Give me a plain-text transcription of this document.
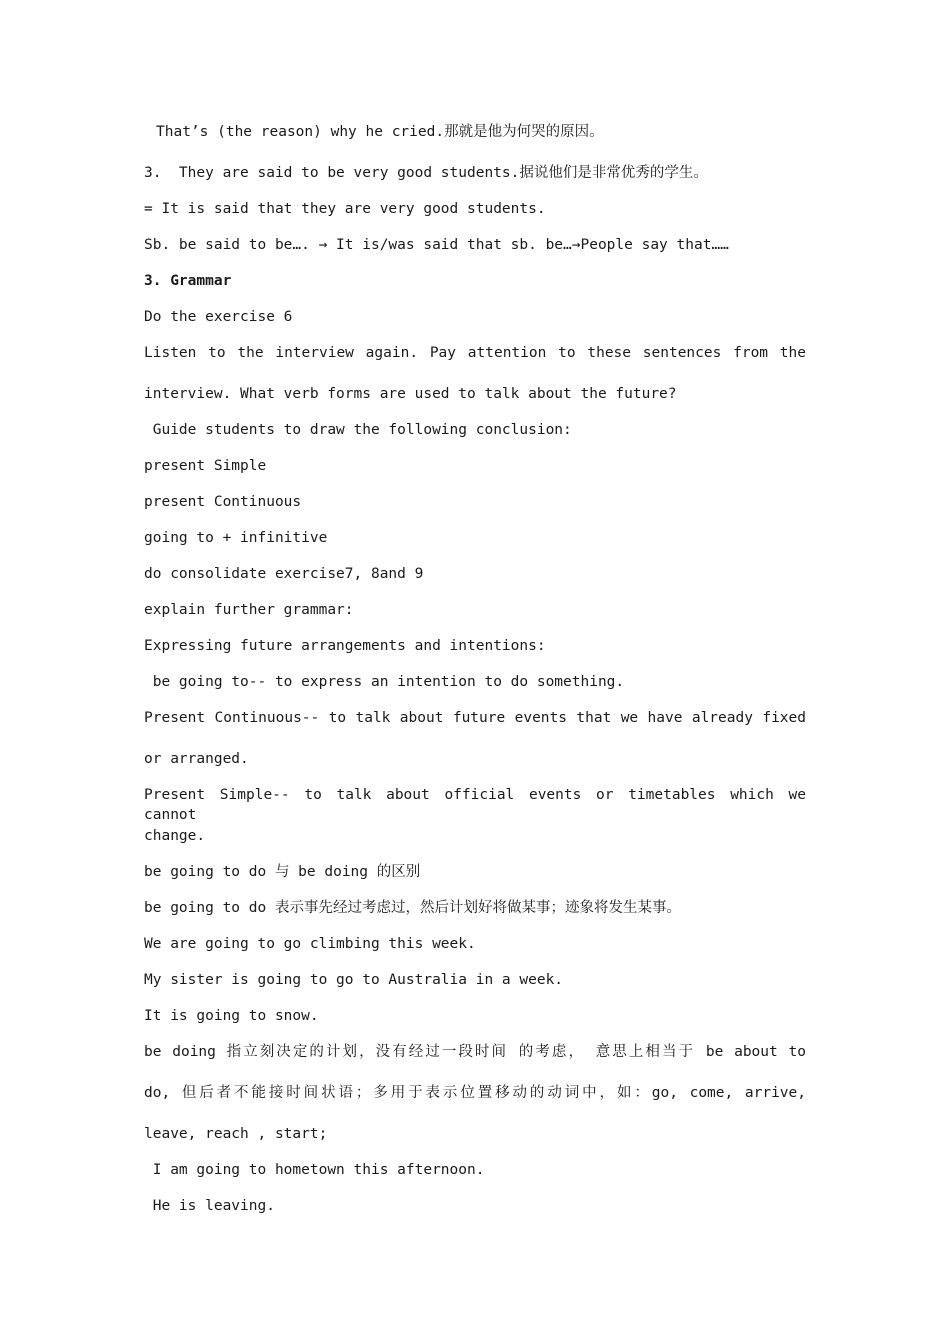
That’s (the reason) why he cried.那就是他为何哭的原因。
3.  They are said to be very good students.据说他们是非常优秀的学生。
= It is said that they are very good students.
Sb. be said to be…. → It is/was said that sb. be…→People say that……
3. Grammar
Do the exercise 6
Listen to the interview again. Pay attention to these sentences from the
interview. What verb forms are used to talk about the future?
Guide students to draw the following conclusion:
present Simple
present Continuous
going to + infinitive
do consolidate exercise7, 8and 9
explain further grammar:
Expressing future arrangements and intentions:
be going to-- to express an intention to do something.
Present Continuous-- to talk about future events that we have already fixed
or arranged.
Present Simple-- to talk about official events or timetables which we cannot
change.
be going to do 与 be doing 的区别
be going to do 表示事先经过考虑过，然后计划好将做某事；迹象将发生某事。
We are going to go climbing this week.
My sister is going to go to Australia in a week.
It is going to snow.
be doing 指立刻决定的计划，没有经过一段时间 的考虑， 意思上相当于 be about to
do, 但后者不能接时间状语；多用于表示位置移动的动词中，如：go, come, arrive,
leave, reach , start;
I am going to hometown this afternoon.
He is leaving.
